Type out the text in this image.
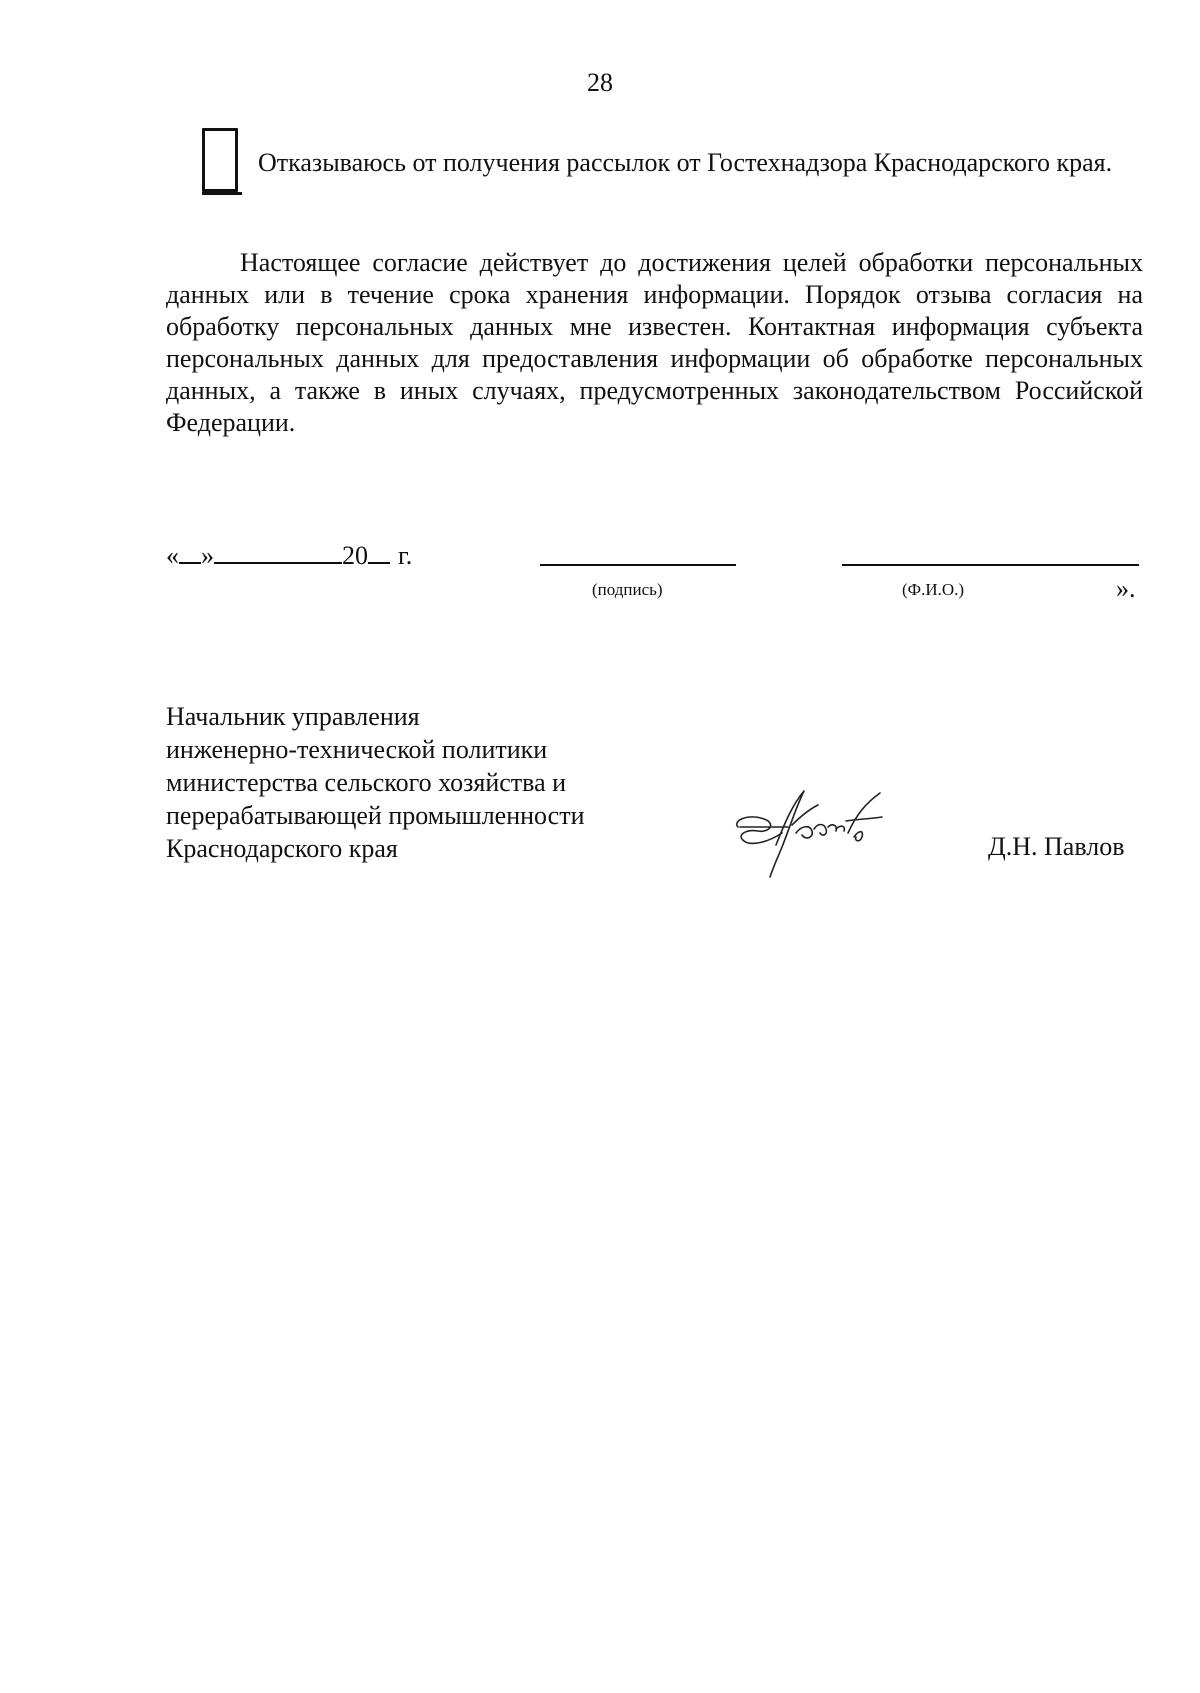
28
Отказываюсь от получения рассылок от Гостехнадзора Краснодарского края.
Настоящее согласие действует до достижения целей обработки персональных данных или в течение срока хранения информации. Порядок отзыва согласия на обработку персональных данных мне известен. Контактная информация субъекта персональных данных для предоставления информации об обработке персональных данных, а также в иных случаях, предусмотренных законодательством Российской Федерации.
« »	20 г.
(подпись)	(Ф.И.О.)	».
Начальник управления
инженерно-технической политики
министерства сельского хозяйства и
перерабатывающей промышленности
Краснодарского края	Д.Н. Павлов
